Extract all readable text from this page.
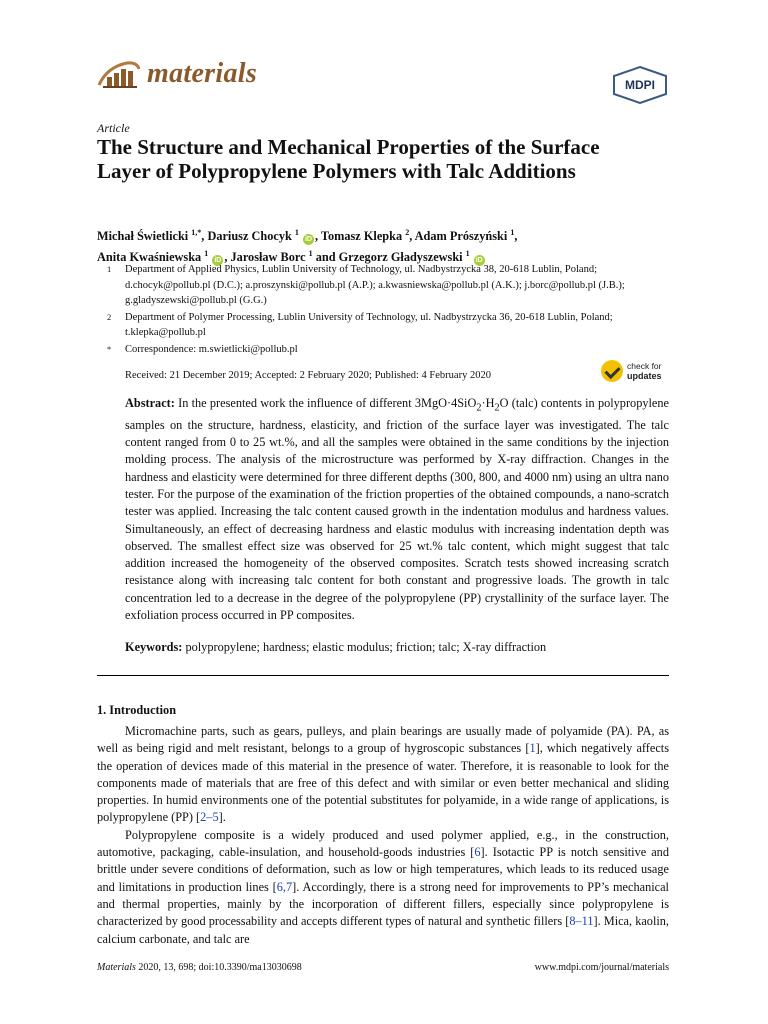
materials	MDPI
Article
The Structure and Mechanical Properties of the Surface Layer of Polypropylene Polymers with Talc Additions
Michał Świetlicki $^{1,*}$, Dariusz Chocyk $^1$ iD , Tomasz Klepka $^2$, Adam Prószyński $^1$,
Anita Kwaśniewska $^1$ iD , Jarosław Borc $^1$ and Grzegorz Gładyszewski $^1$ iD
1	Department of Applied Physics, Lublin University of Technology, ul. Nadbystrzycka 38, 20-618 Lublin, Poland; d.chocyk@pollub.pl (D.C.); a.proszynski@pollub.pl (A.P.); a.kwasniewska@pollub.pl (A.K.); j.borc@pollub.pl (J.B.); g.gladyszewski@pollub.pl (G.G.)
2	Department of Polymer Processing, Lublin University of Technology, ul. Nadbystrzycka 36, 20-618 Lublin, Poland; t.klepka@pollub.pl
*	Correspondence: m.swietlicki@pollub.pl
Received: 21 December 2019; Accepted: 2 February 2020; Published: 4 February 2020
check for
updates
Abstract: In the presented work the influence of different $3MgO\cdot 4SiO_2\cdot H_2O$ (talc) contents in polypropylene samples on the structure, hardness, elasticity, and friction of the surface layer was investigated. The talc content ranged from 0 to 25 wt.%, and all the samples were obtained in the same conditions by the injection molding process. The analysis of the microstructure was performed by X-ray diffraction. Changes in the hardness and elasticity were determined for three different depths (300, 800, and 4000 nm) using an ultra nano tester. For the purpose of the examination of the friction properties of the obtained compounds, a nano-scratch tester was applied. Increasing the talc content caused growth in the indentation modulus and hardness values. Simultaneously, an effect of decreasing hardness and elastic modulus with increasing indentation depth was observed. The smallest effect size was observed for 25 wt.% talc content, which might suggest that talc addition increased the homogeneity of the observed composites. Scratch tests showed increasing scratch resistance along with increasing talc content for both constant and progressive loads. The growth in talc concentration led to a decrease in the degree of the polypropylene (PP) crystallinity of the surface layer. The exfoliation process occurred in PP composites.
Keywords: polypropylene; hardness; elastic modulus; friction; talc; X-ray diffraction
1. Introduction

Micromachine parts, such as gears, pulleys, and plain bearings are usually made of polyamide (PA). PA, as well as being rigid and melt resistant, belongs to a group of hygroscopic substances [1], which negatively affects the operation of devices made of this material in the presence of water. Therefore, it is reasonable to look for the components made of materials that are free of this defect and with similar or even better mechanical and sliding properties. In humid environments one of the potential substitutes for polyamide, in a wide range of applications, is polypropylene (PP) [2–5].

Polypropylene composite is a widely produced and used polymer applied, e.g., in the construction, automotive, packaging, cable-insulation, and household-goods industries [6]. Isotactic PP is notch sensitive and brittle under severe conditions of deformation, such as low or high temperatures, which leads to its reduced usage and limitations in production lines [6,7]. Accordingly, there is a strong need for improvements to PP’s mechanical and thermal properties, mainly by the incorporation of different fillers, especially since polypropylene is characterized by good processability and accepts different types of natural and synthetic fillers [8–11]. Mica, kaolin, calcium carbonate, and talc are

Materials 2020, 13, 698; doi:10.3390/ma13030698	www.mdpi.com/journal/materials
